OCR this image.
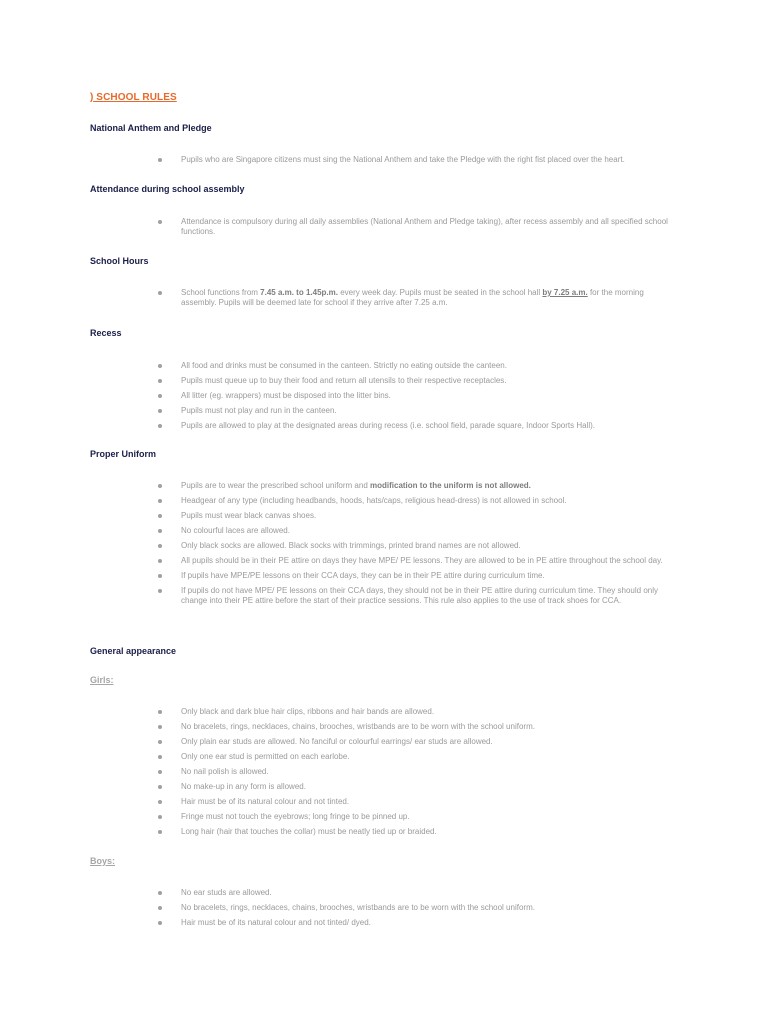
) SCHOOL RULES
National Anthem and Pledge
Pupils who are Singapore citizens must sing the National Anthem and take the Pledge with the right fist placed over the heart.
Attendance during school assembly
Attendance is compulsory during all daily assemblies (National Anthem and Pledge taking), after recess assembly and all specified school functions.
School Hours
School functions from 7.45 a.m. to 1.45p.m. every week day. Pupils must be seated in the school hall by 7.25 a.m. for the morning assembly. Pupils will be deemed late for school if they arrive after 7.25 a.m.
Recess
All food and drinks must be consumed in the canteen. Strictly no eating outside the canteen.
Pupils must queue up to buy their food and return all utensils to their respective receptacles.
All litter (eg. wrappers) must be disposed into the litter bins.
Pupils must not play and run in the canteen.
Pupils are allowed to play at the designated areas during recess (i.e. school field, parade square, Indoor Sports Hall).
Proper Uniform
Pupils are to wear the prescribed school uniform and modification to the uniform is not allowed.
Headgear of any type (including headbands, hoods, hats/caps, religious head-dress) is not allowed in school.
Pupils must wear black canvas shoes.
No colourful laces are allowed.
Only black socks are allowed. Black socks with trimmings, printed brand names are not allowed.
All pupils should be in their PE attire on days they have MPE/ PE lessons. They are allowed to be in PE attire throughout the school day.
If pupils have MPE/PE lessons on their CCA days, they can be in their PE attire during curriculum time.
If pupils do not have MPE/ PE lessons on their CCA days, they should not be in their PE attire during curriculum time. They should only change into their PE attire before the start of their practice sessions. This rule also applies to the use of track shoes for CCA.
General appearance
Girls:
Only black and dark blue hair clips, ribbons and hair bands are allowed.
No bracelets, rings, necklaces, chains, brooches, wristbands are to be worn with the school uniform.
Only plain ear studs are allowed. No fanciful or colourful earrings/ ear studs are allowed.
Only one ear stud is permitted on each earlobe.
No nail polish is allowed.
No make-up in any form is allowed.
Hair must be of its natural colour and not tinted.
Fringe must not touch the eyebrows; long fringe to be pinned up.
Long hair (hair that touches the collar) must be neatly tied up or braided.
Boys:
No ear studs are allowed.
No bracelets, rings, necklaces, chains, brooches, wristbands are to be worn with the school uniform.
Hair must be of its natural colour and not tinted/ dyed.
